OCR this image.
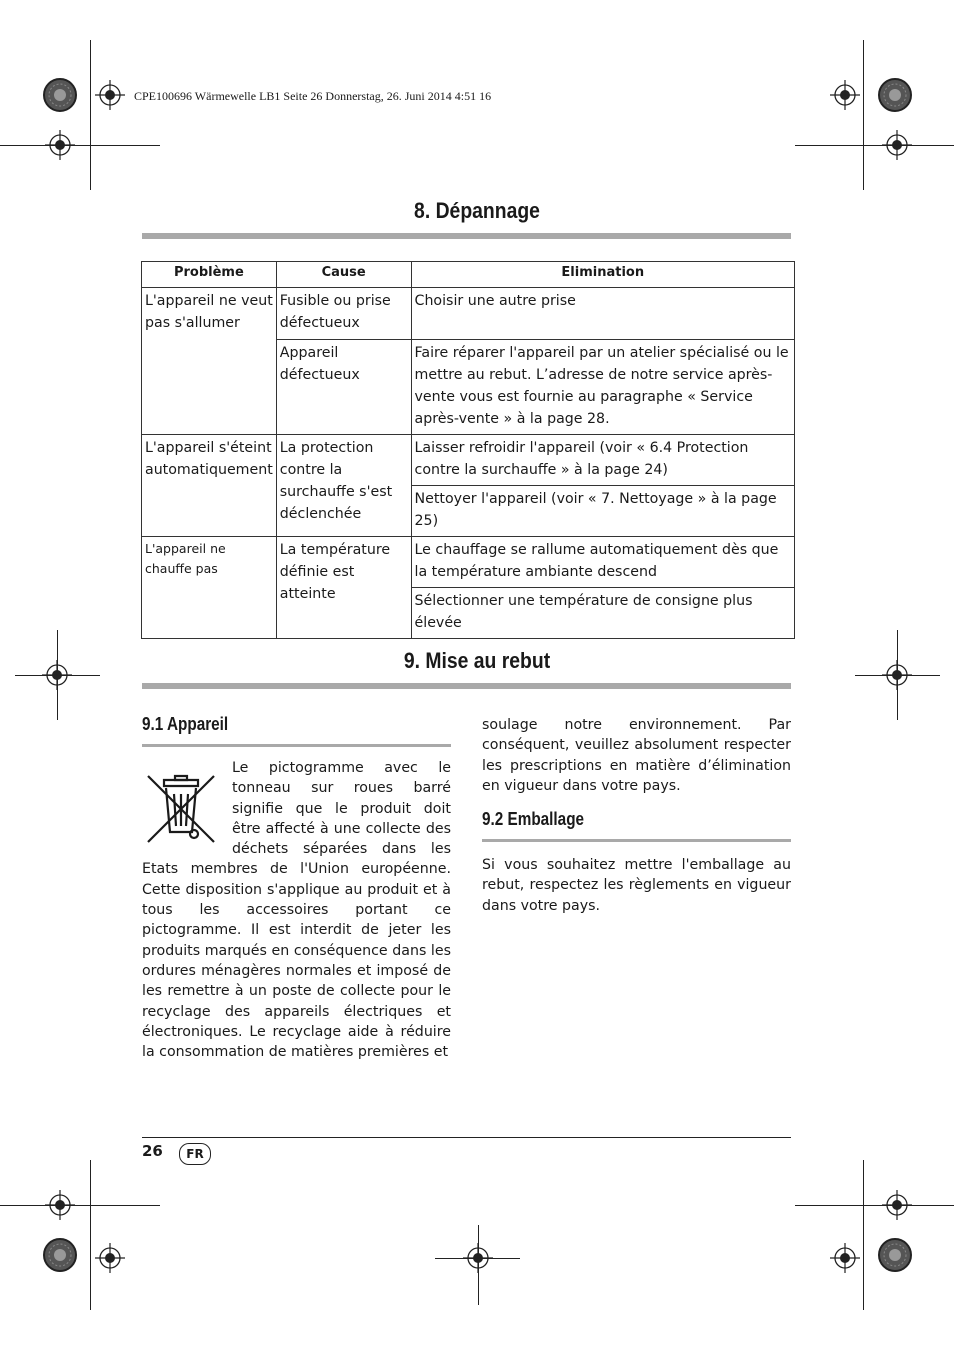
CPE100696 Wärmewelle LB1 Seite 26 Donnerstag, 26. Juni 2014 4:51 16
8. Dépannage
Problème	Cause	Elimination
L'appareil ne veut pas s'allumer	Fusible ou prise défectueux	Choisir une autre prise
	Appareil défectueux	Faire réparer l'appareil par un atelier spécialisé ou le mettre au rebut. L’adresse de notre service après-vente vous est fournie au paragraphe « Service après-vente » à la page 28.
L'appareil s'éteint automatiquement	La protection contre la surchauffe s'est déclenchée	Laisser refroidir l'appareil (voir « 6.4 Protection contre la surchauffe » à la page 24)
		Nettoyer l'appareil (voir « 7. Nettoyage » à la page 25)
L'appareil ne chauffe pas	La température définie est atteinte	Le chauffage se rallume automatiquement dès que la température ambiante descend
		Sélectionner une température de consigne plus élevée
9. Mise au rebut
9.1 Appareil
Le pictogramme avec le tonneau sur roues barré signifie que le produit doit être affecté à une collecte des déchets séparées dans les Etats membres de l'Union européenne. Cette disposition s'applique au produit et à tous les accessoires portant ce pictogramme. Il est interdit de jeter les produits marqués en conséquence dans les ordures ménagères normales et imposé de les remettre à un poste de collecte pour le recyclage des appareils électriques et électroniques. Le recyclage aide à réduire la consommation de matières premières et
soulage notre environnement. Par conséquent, veuillez absolument respecter les prescriptions en matière d’élimination en vigueur dans votre pays.
9.2 Emballage
Si vous souhaitez mettre l'emballage au rebut, respectez les règlements en vigueur dans votre pays.
26	FR
